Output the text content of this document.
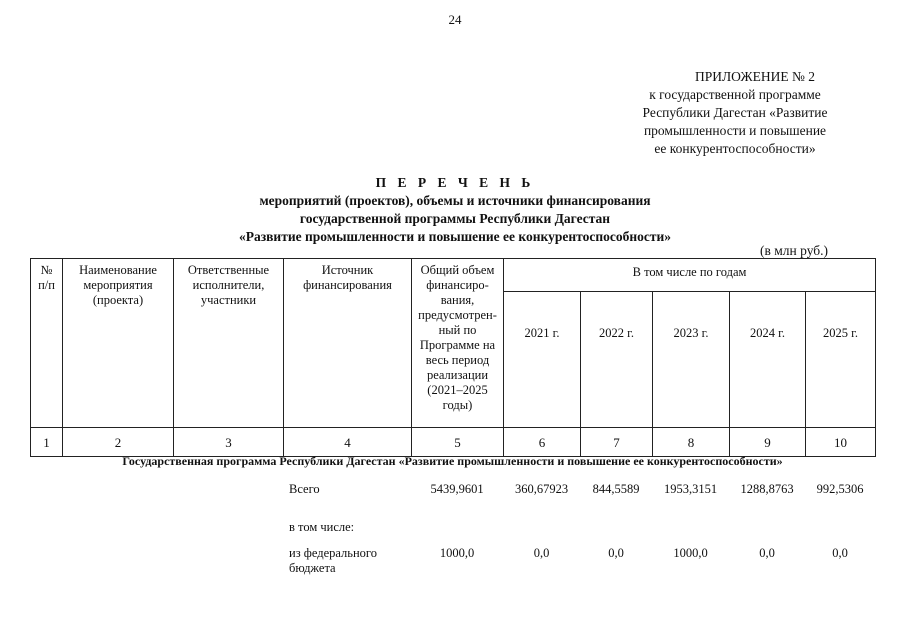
24
ПРИЛОЖЕНИЕ № 2
к государственной программе
Республики Дагестан «Развитие
промышленности и повышение
ее конкурентоспособности»
П Е Р Е Ч Е Н Ь
мероприятий (проектов), объемы и источники финансирования
государственной программы Республики Дагестан
«Развитие промышленности и повышение ее конкурентоспособности»
(в млн руб.)
№ п/п	Наименование мероприятия (проекта)	Ответственные исполнители, участники	Источник финансирования	Общий объем финансиро-вания, предусмотрен-ный по Программе на весь период реализации (2021–2025 годы)	В том числе по годам				
					2021 г.	2022 г.	2023 г.	2024 г.	2025 г.
1	2	3	4	5	6	7	8	9	10
Государственная программа Республики Дагестан «Развитие промышленности и повышение ее конкурентоспособности»
			Всего	5439,9601	360,67923	844,5589	1953,3151	1288,8763	992,5306
			в том числе:						
			из федерального бюджета	1000,0	0,0	0,0	1000,0	0,0	0,0
